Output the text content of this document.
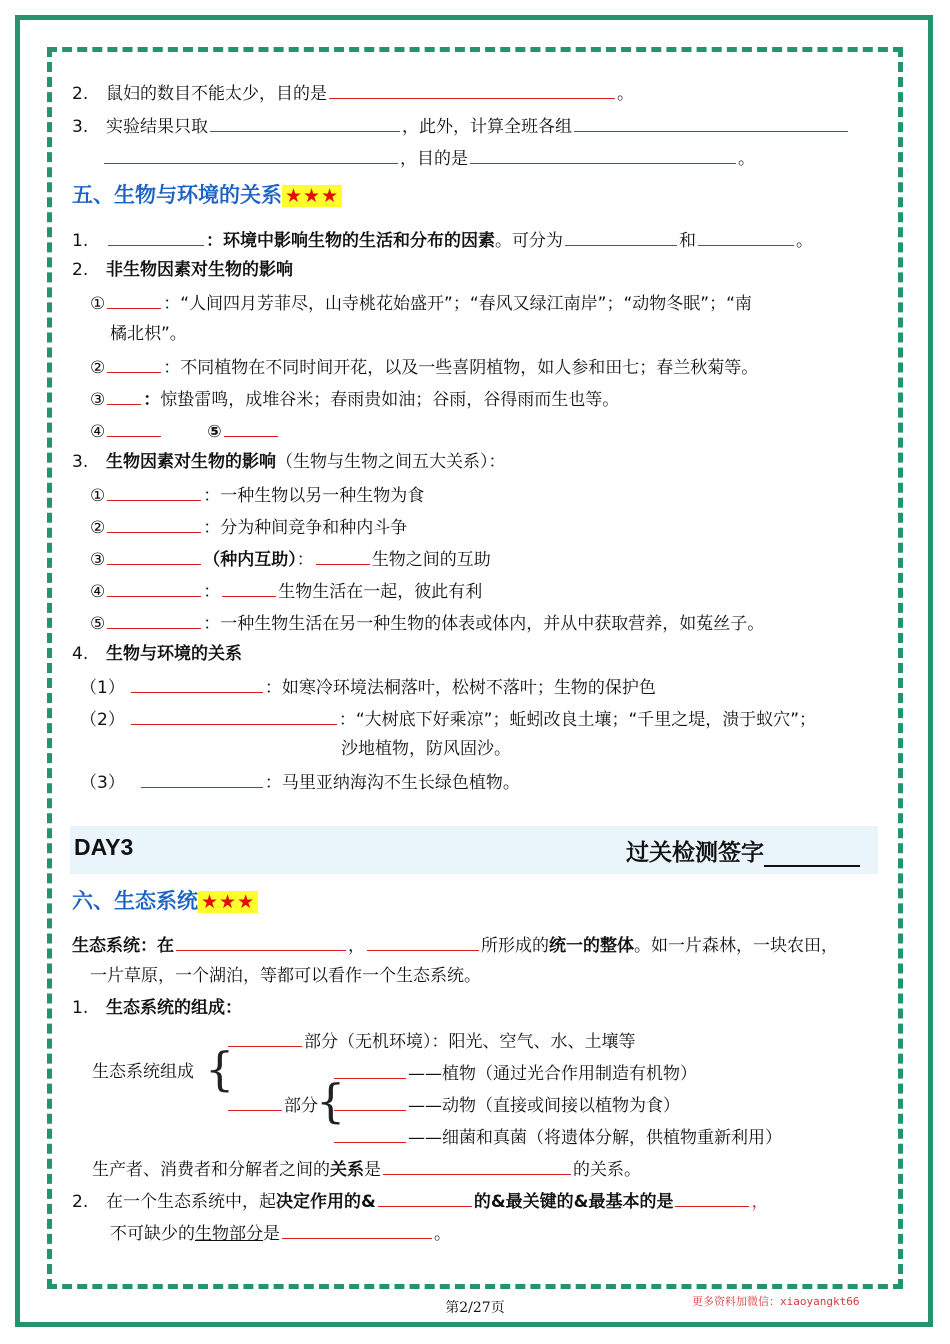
2. 鼠妇的数目不能太少，目的是	。
3. 实验结果只取	，此外，计算全班各组
，目的是	。
五、生物与环境的关系 ★★★
1.	：环境中影响生物的生活和分布的因素。可分为	和	。
2. 非生物因素对生物的影响
①	：“人间四月芳菲尽，山寺桃花始盛开”；“春风又绿江南岸”；“动物冬眠”；“南
橘北枳”。
②	：不同植物在不同时间开花，以及一些喜阴植物，如人参和田七；春兰秋菊等。
③ ：惊蛰雷鸣，成堆谷米；春雨贵如油；谷雨，谷得雨而生也等。
④	⑤
3. 生物因素对生物的影响（生物与生物之间五大关系）：
①	：一种生物以另一种生物为食
②	：分为种间竞争和种内斗争
③	（种内互助）：	生物之间的互助
④	：	生物生活在一起，彼此有利
⑤	：一种生物生活在另一种生物的体表或体内，并从中获取营养，如菟丝子。
4. 生物与环境的关系
（1）	：如寒冷环境法桐落叶，松树不落叶；生物的保护色
（2）	：“大树底下好乘凉”；蚯蚓改良土壤；“千里之堤，溃于蚁穴”；
沙地植物，防风固沙。
（3）	：马里亚纳海沟不生长绿色植物。
DAY3	过关检测签字
六、生态系统 ★★★
生态系统：在	，	所形成的统一的整体。如一片森林，一块农田，
一片草原，一个湖泊，等都可以看作一个生态系统。
1. 生态系统的组成：
生态系统组成 {	部分（无机环境）：阳光、空气、水、土壤等
部分
{	——植物（通过光合作用制造有机物）
——动物（直接或间接以植物为食）
——细菌和真菌（将遗体分解，供植物重新利用）
生产者、消费者和分解者之间的关系是	的关系。
2. 在一个生态系统中，起决定作用的&	的&最关键的&最基本的是	，
不可缺少的生物部分是	。
第2/27页	更多资料加微信：xiaoyangkt66
